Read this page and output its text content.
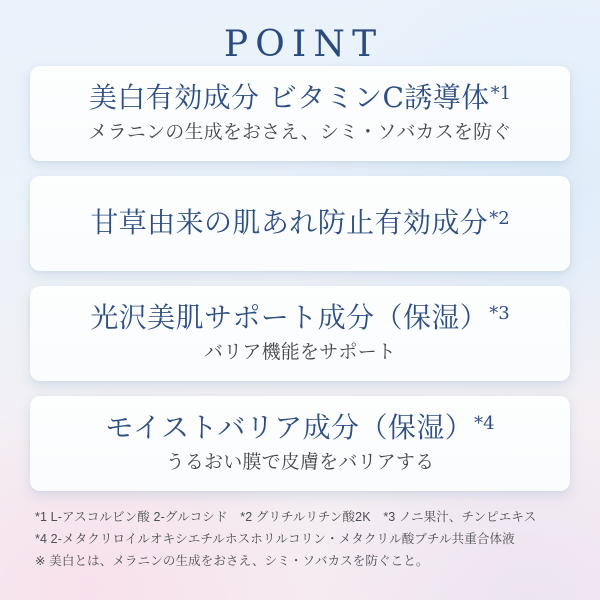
POINT
美白有効成分 ビタミンC誘導体$^{*1}$
メラニンの生成をおさえ、シミ・ソバカスを防ぐ
甘草由来の肌あれ防止有効成分$^{*2}$
光沢美肌サポート成分（保湿）$^{*3}$
バリア機能をサポート
モイストバリア成分（保湿）$^{*4}$
うるおい膜で皮膚をバリアする

*1 L-アスコルビン酸 2-グルコシド　*2 グリチルリチン酸2K　*3 ノニ果汁、チンピエキス

*4 2-メタクリロイルオキシエチルホスホリルコリン・メタクリル酸ブチル共重合体液

※ 美白とは、メラニンの生成をおさえ、シミ・ソバカスを防ぐこと。
